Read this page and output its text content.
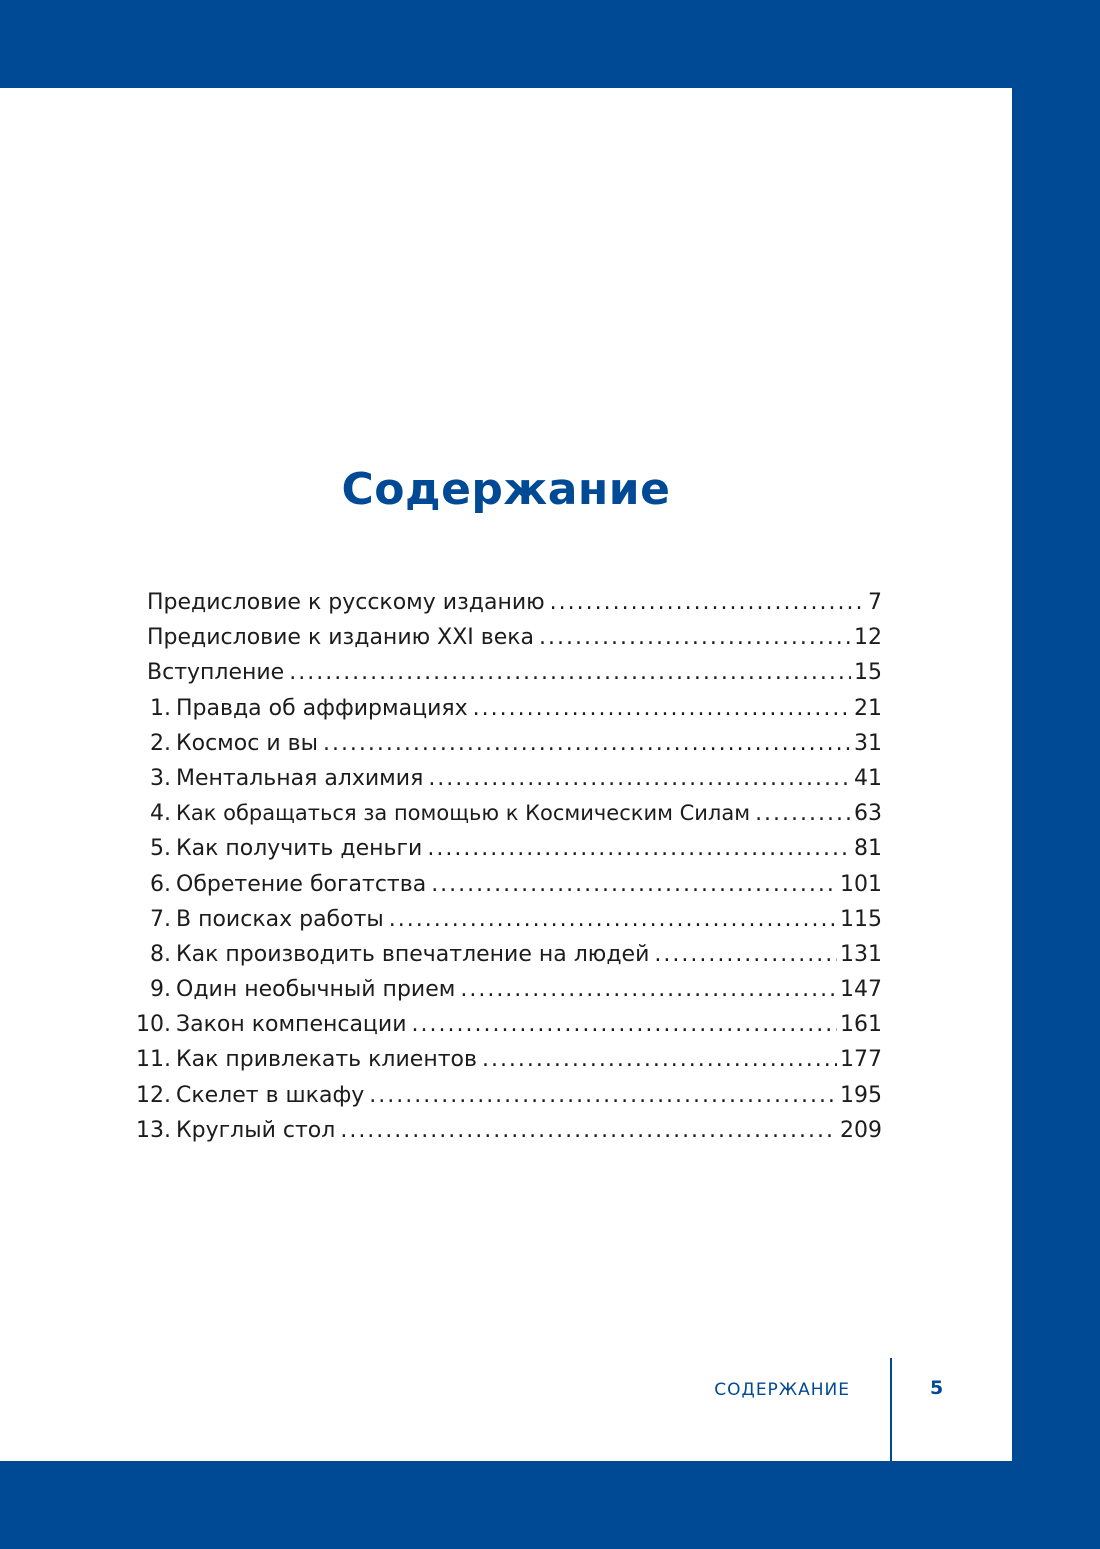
Содержание
Предисловие к русскому изданию .....	7
Предисловие к изданию XXI века .....	12
Вступление .....	15
1. Правда об аффирмациях .....	21
2. Космос и вы .....	31
3. Ментальная алхимия .....	41
4. Как обращаться за помощью к Космическим Силам .....	63
5. Как получить деньги .....	81
6. Обретение богатства .....	101
7. В поисках работы .....	115
8. Как производить впечатление на людей .....	131
9. Один необычный прием .....	147
10. Закон компенсации .....	161
11. Как привлекать клиентов .....	177
12. Скелет в шкафу .....	195
13. Круглый стол .....	209
СОДЕРЖАНИЕ	5
